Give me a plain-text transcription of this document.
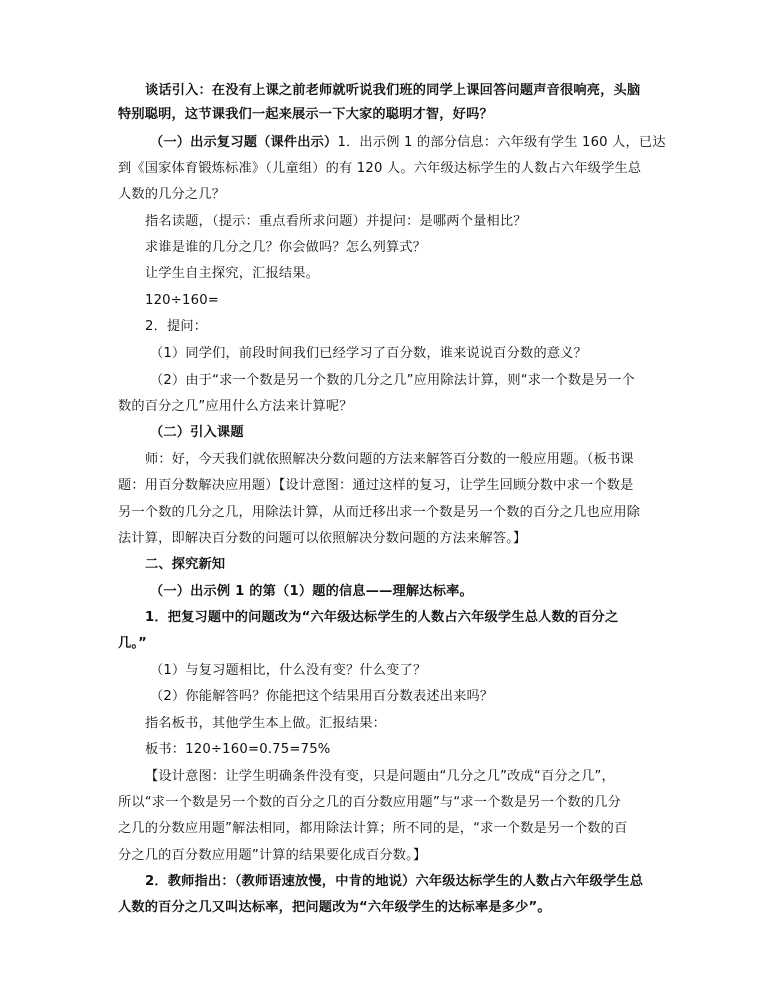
谈话引入：在没有上课之前老师就听说我们班的同学上课回答问题声音很响亮，头脑
特别聪明，这节课我们一起来展示一下大家的聪明才智，好吗？
（一）出示复习题（课件出示）1．出示例 1 的部分信息：六年级有学生 160 人，已达
到《国家体育锻炼标准》（儿童组）的有 120 人。六年级达标学生的人数占六年级学生总
人数的几分之几？
指名读题，（提示：重点看所求问题）并提问：是哪两个量相比？
求谁是谁的几分之几？你会做吗？怎么列算式？
让学生自主探究，汇报结果。
120÷160=
2．提问：
（1）同学们，前段时间我们已经学习了百分数，谁来说说百分数的意义？
（2）由于“求一个数是另一个数的几分之几”应用除法计算，则“求一个数是另一个
数的百分之几”应用什么方法来计算呢？
（二）引入课题
师：好，今天我们就依照解决分数问题的方法来解答百分数的一般应用题。（板书课
题：用百分数解决应用题）【设计意图：通过这样的复习，让学生回顾分数中求一个数是
另一个数的几分之几，用除法计算，从而迁移出求一个数是另一个数的百分之几也应用除
法计算，即解决百分数的问题可以依照解决分数问题的方法来解答。】
二、探究新知
（一）出示例 1 的第（1）题的信息——理解达标率。
1．把复习题中的问题改为“六年级达标学生的人数占六年级学生总人数的百分之
几。”
（1）与复习题相比，什么没有变？什么变了？
（2）你能解答吗？你能把这个结果用百分数表述出来吗？
指名板书，其他学生本上做。汇报结果：
板书：120÷160=0.75=75%
【设计意图：让学生明确条件没有变，只是问题由“几分之几”改成“百分之几”，
所以“求一个数是另一个数的百分之几的百分数应用题”与“求一个数是另一个数的几分
之几的分数应用题”解法相同，都用除法计算；所不同的是，“求一个数是另一个数的百
分之几的百分数应用题”计算的结果要化成百分数。】
2．教师指出：（教师语速放慢，中肯的地说）六年级达标学生的人数占六年级学生总
人数的百分之几又叫达标率，把问题改为“六年级学生的达标率是多少”。
